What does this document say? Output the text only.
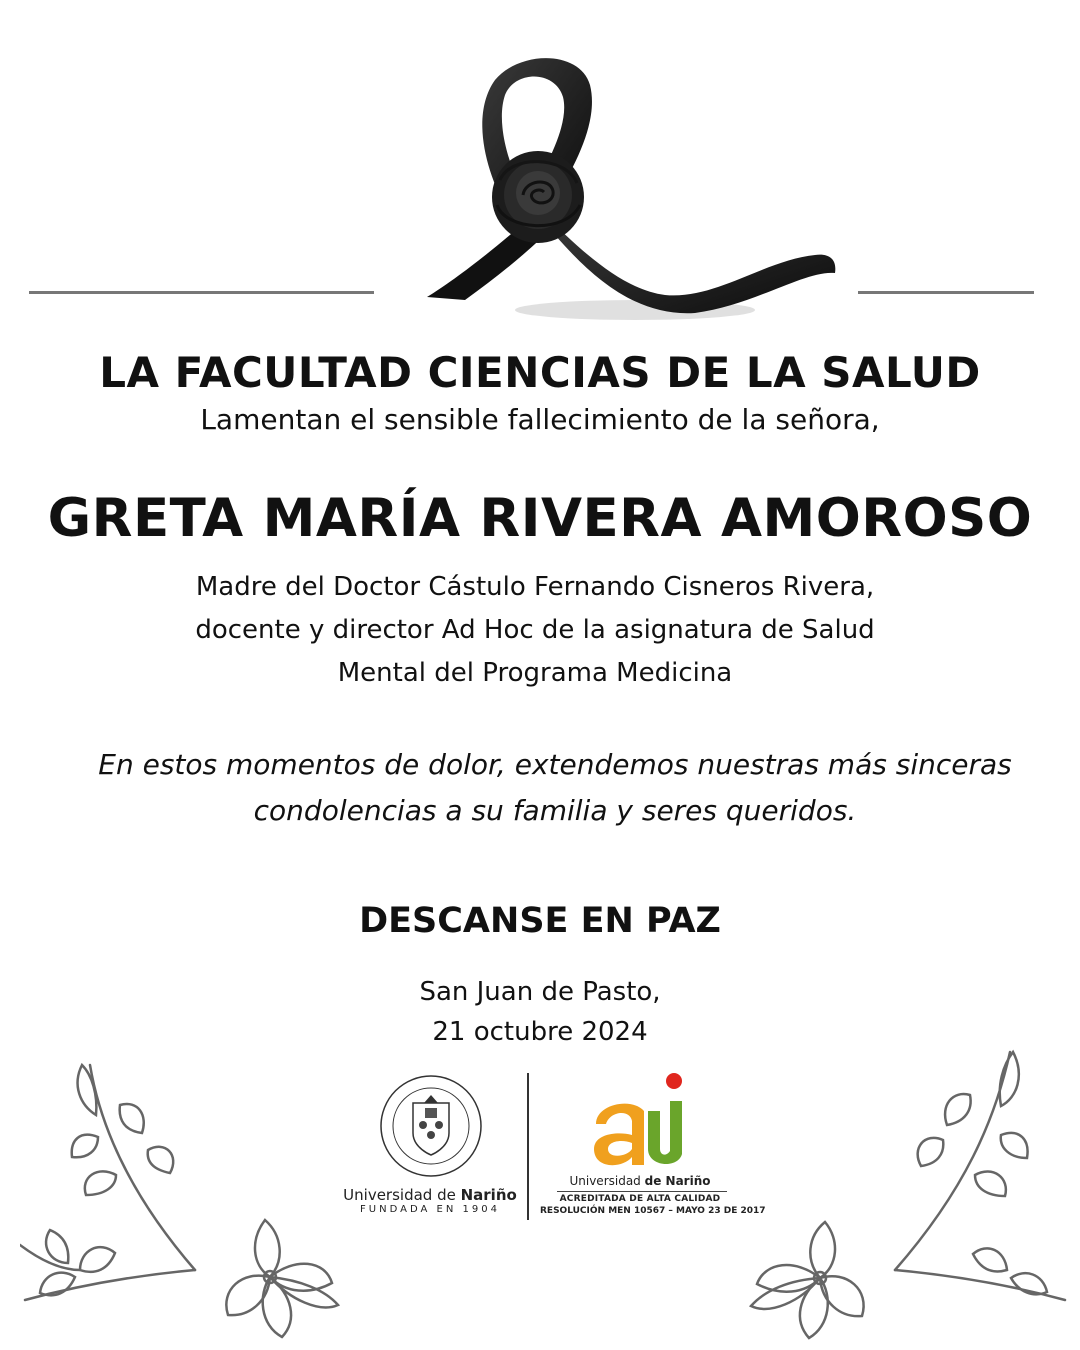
LA FACULTAD CIENCIAS DE LA SALUD
Lamentan el sensible fallecimiento de la señora,
GRETA MARÍA RIVERA AMOROSO
Madre del Doctor Cástulo Fernando Cisneros Rivera,
docente y director Ad Hoc de la asignatura de Salud
Mental del Programa Medicina
En estos momentos de dolor, extendemos nuestras más sinceras
condolencias a su familia y seres queridos.
DESCANSE EN PAZ
San Juan de Pasto,
21 octubre 2024
Universidad de Nariño
FUNDADA EN 1904
Universidad de Nariño
ACREDITADA DE ALTA CALIDAD
RESOLUCIÓN MEN 10567 – MAYO 23 DE 2017
